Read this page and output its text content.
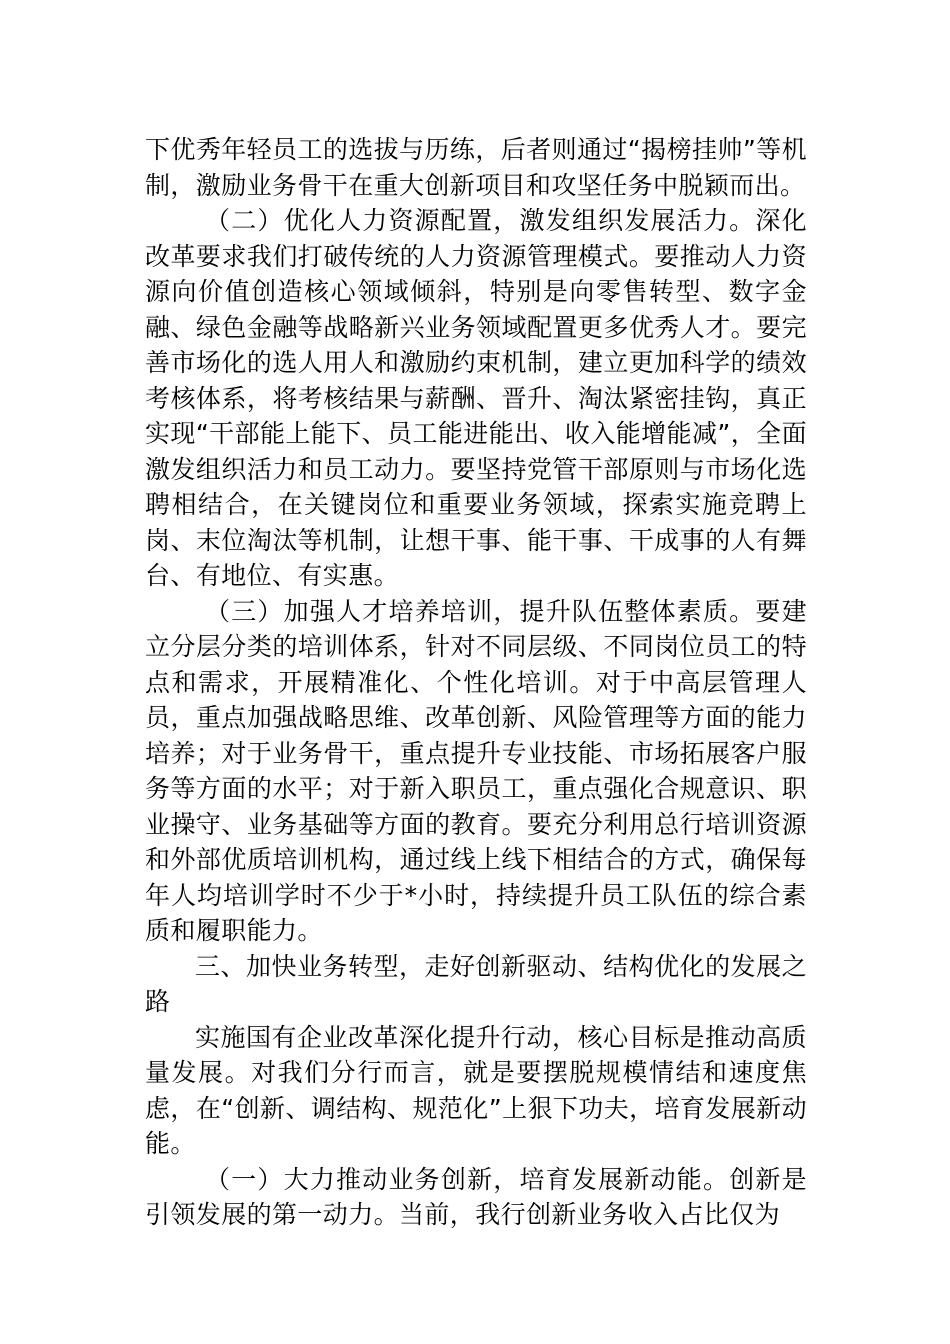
下优秀年轻员工的选拔与历练，后者则通过“揭榜挂帅”等机制，激励业务骨干在重大创新项目和攻坚任务中脱颖而出。

（二）优化人力资源配置，激发组织发展活力。深化改革要求我们打破传统的人力资源管理模式。要推动人力资源向价值创造核心领域倾斜，特别是向零售转型、数字金融、绿色金融等战略新兴业务领域配置更多优秀人才。要完善市场化的选人用人和激励约束机制，建立更加科学的绩效考核体系，将考核结果与薪酬、晋升、淘汰紧密挂钩，真正实现“干部能上能下、员工能进能出、收入能增能减”，全面激发组织活力和员工动力。要坚持党管干部原则与市场化选聘相结合，在关键岗位和重要业务领域，探索实施竞聘上岗、末位淘汰等机制，让想干事、能干事、干成事的人有舞台、有地位、有实惠。

（三）加强人才培养培训，提升队伍整体素质。要建立分层分类的培训体系，针对不同层级、不同岗位员工的特点和需求，开展精准化、个性化培训。对于中高层管理人员，重点加强战略思维、改革创新、风险管理等方面的能力培养；对于业务骨干，重点提升专业技能、市场拓展客户服务等方面的水平；对于新入职员工，重点强化合规意识、职业操守、业务基础等方面的教育。要充分利用总行培训资源和外部优质培训机构，通过线上线下相结合的方式，确保每年人均培训学时不少于*小时，持续提升员工队伍的综合素质和履职能力。

三、加快业务转型，走好创新驱动、结构优化的发展之路

实施国有企业改革深化提升行动，核心目标是推动高质量发展。对我们分行而言，就是要摆脱规模情结和速度焦虑，在“创新、调结构、规范化”上狠下功夫，培育发展新动能。

（一）大力推动业务创新，培育发展新动能。创新是引领发展的第一动力。当前，我行创新业务收入占比仅为
